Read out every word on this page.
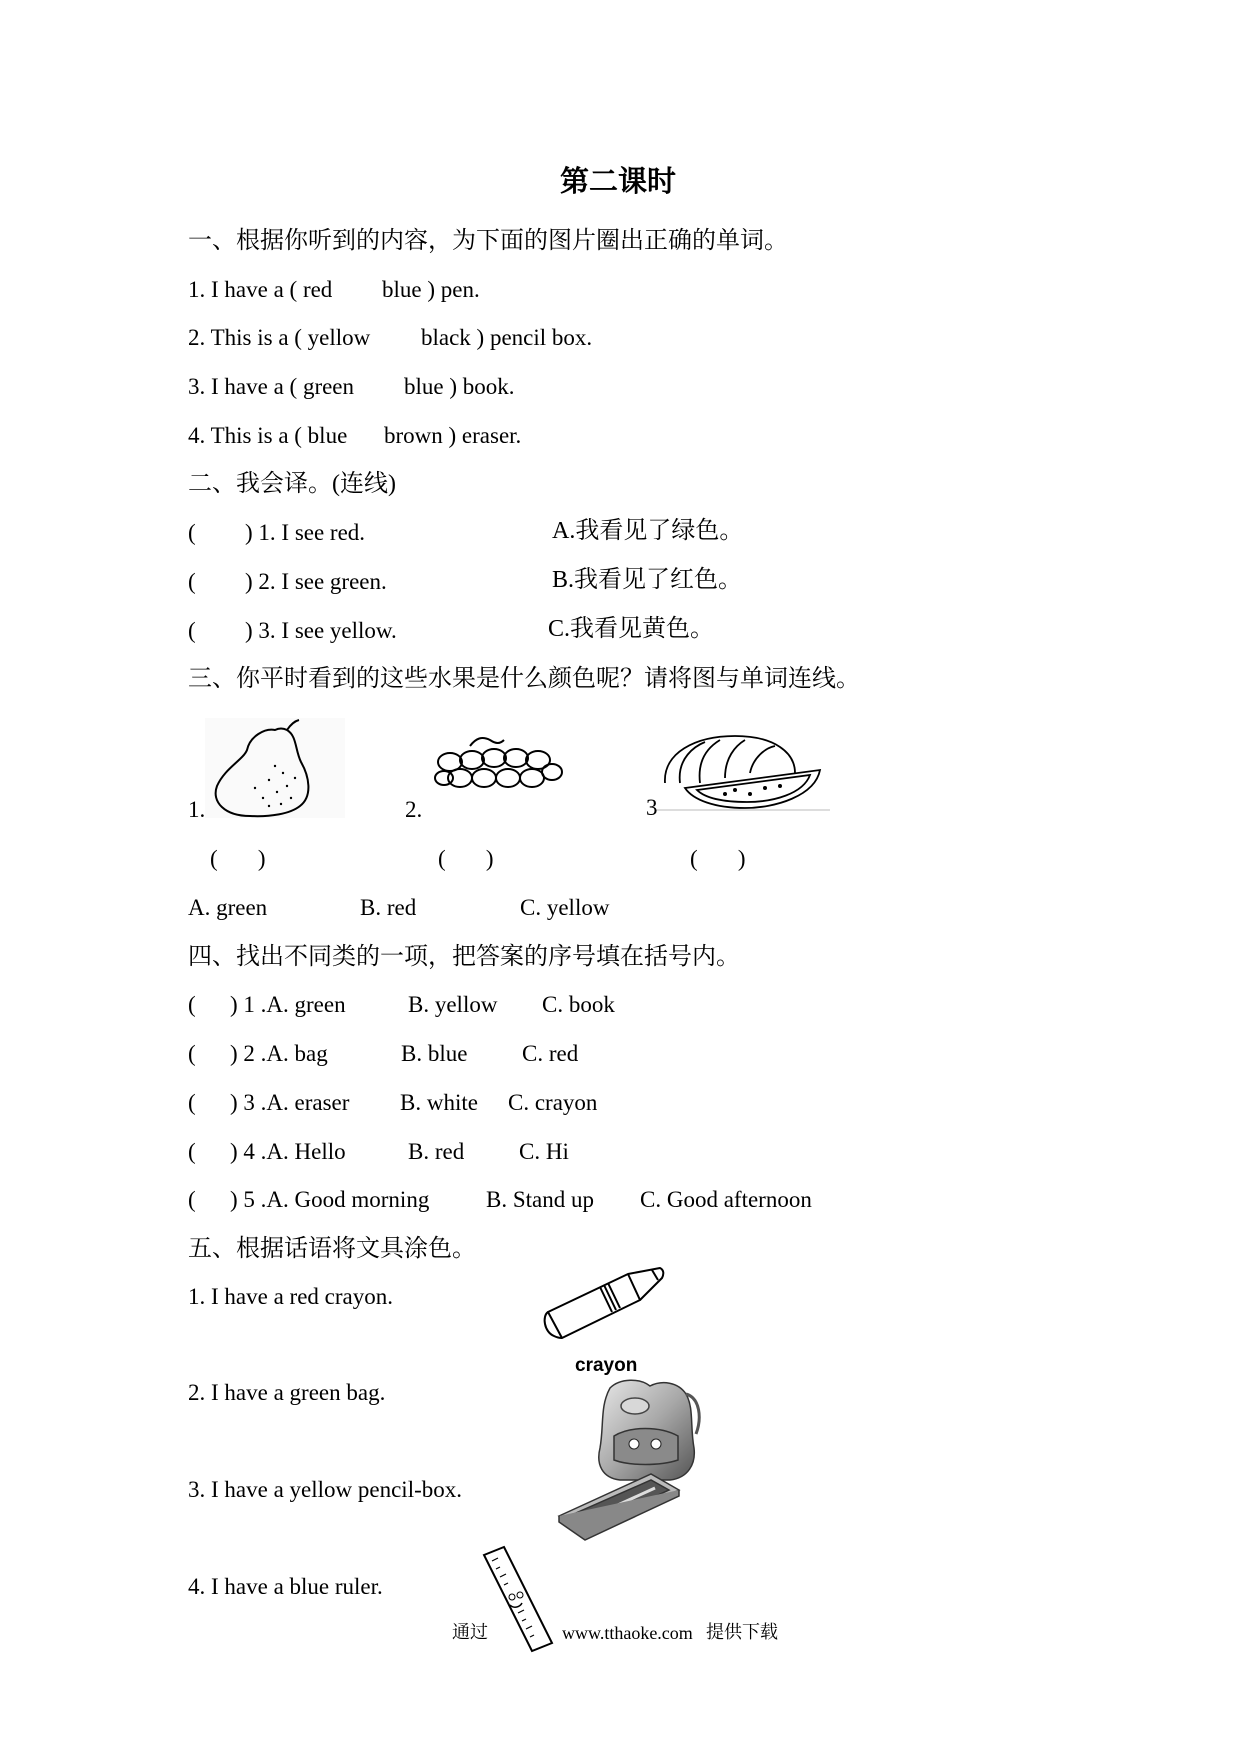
第二课时
一、根据你听到的内容，为下面的图片圈出正确的单词。
1. I have a ( red blue ) pen.
2. This is a ( yellow black ) pencil box.
3. I have a ( green blue ) book.
4. This is a ( blue brown ) eraser.
二、我会译。(连线)
( ) 1. I see red.	A.我看见了绿色。
( ) 2. I see green.	B.我看见了红色。
( ) 3. I see yellow.	C.我看见黄色。
三、你平时看到的这些水果是什么颜色呢？请将图与单词连线。
1.	2.	3
(       )	(       )	(       )
A. green	B. red	C. yellow
四、找出不同类的一项，把答案的序号填在括号内。
( ) 1 .A. green	B. yellow C. book
( ) 2 .A. bag	B. blue C. red
( ) 3 .A. eraser B. white C. crayon
( ) 4 .A. Hello	B. red C. Hi
( ) 5 .A. Good morning B. Stand up C. Good afternoon
五、根据话语将文具涂色。
1. I have a red crayon.
2. I have a green bag.
3. I have a yellow pencil-box.
4. I have a blue ruler.
crayon
通过	www.tthaoke.com 提供下载
